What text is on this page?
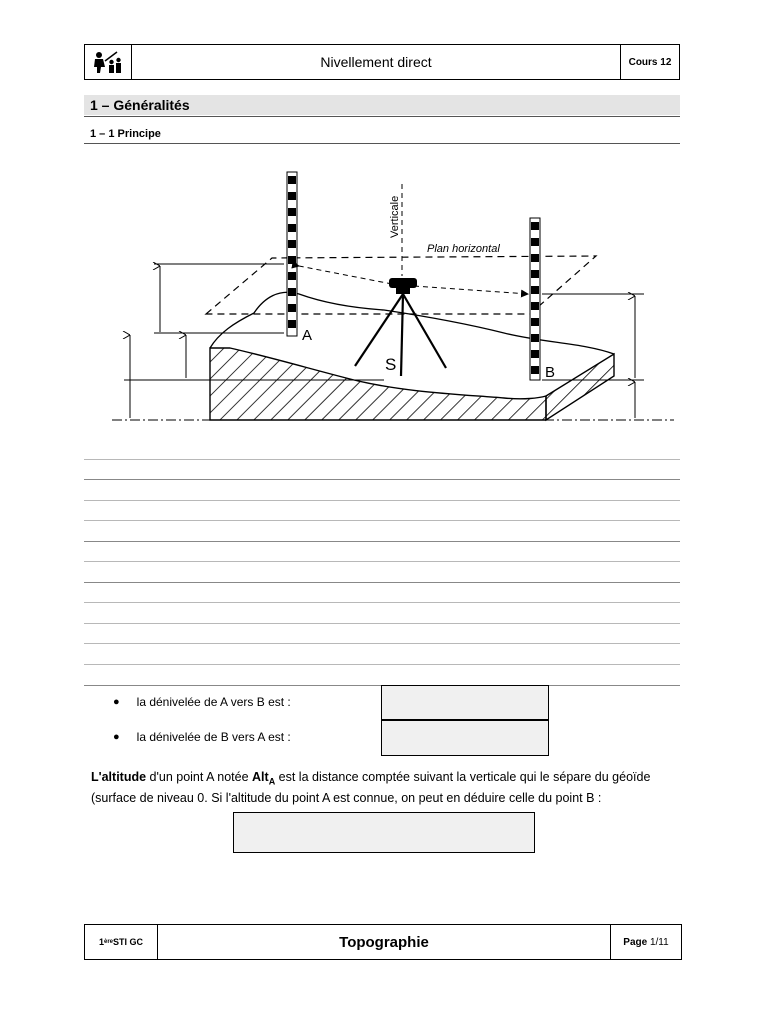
Nivellement direct	Cours 12
1 – Généralités
1 – 1 Principe
Verticale
Plan horizontal
A
B
S
● la dénivelée de A vers B est :
● la dénivelée de B vers A est :
L'altitude d'un point A notée Alt$_A$ est la distance comptée suivant la verticale qui le sépare du géoïde (surface de niveau 0. Si l'altitude du point A est connue, on peut en déduire celle du point B :
1 ère STI GC	Topographie	Page
1/11
